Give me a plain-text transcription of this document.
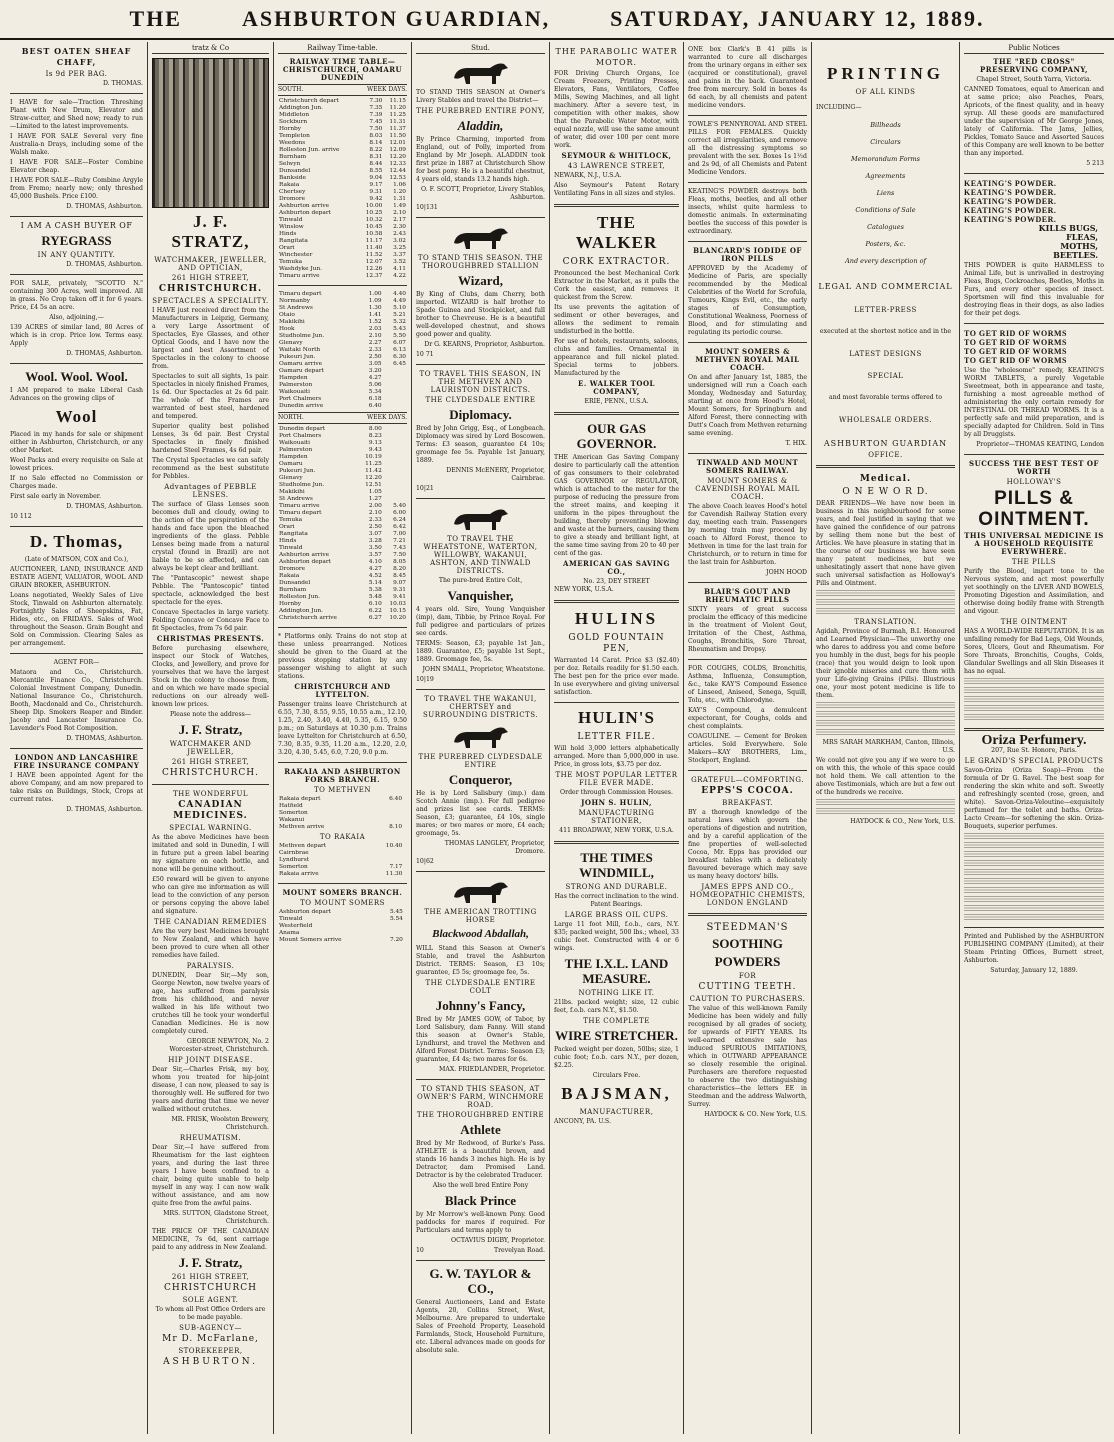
THE	ASHBURTON GUARDIAN,	SATURDAY, JANUARY 12, 1889.
BEST OATEN SHEAF CHAFF,
Is 9d PER BAG.
D. THOMAS.
I HAVE for sale—Traction Threshing Plant with New Drum, Elevator and Straw-cutter, and Shed now; ready to run—Limited to the latest improvements.
I HAVE FOR SALE Several very fine Australia-n Drays, including some of the Walsh make.
I HAVE FOR SALE—Foster Combine Elevator cheap.
I HAVE FOR SALE—Ruby Combine Argyle from Fremo; nearly new; only threshed 45,000 Bushels. Price £100.
D. THOMAS, Ashburton.
I AM A CASH BUYER OF
RYEGRASS
IN ANY QUANTITY.
D. THOMAS, Ashburton.
FOR SALE, privately, "SCOTTO N." containing 300 Acres, well improved. All in grass. No Crop taken off it for 6 years. Price, £4 5s an acre.
Also, adjoining,—
139 ACRES of similar land, 80 Acres of which is in crop. Price low. Terms easy. Apply
D. THOMAS, Ashburton.
Wool. Wool. Wool.
I AM prepared to make Liberal Cash Advances on the growing clips of
Wool
Placed in my hands for sale or shipment either in Ashburton, Christchurch, or any other Market.
Wool Packs and every requisite on Sale at lowest prices.
If no Sale effected no Commission or Charges made.
First sale early in November.
D. THOMAS, Ashburton.
10 112
D. Thomas,
(Late of MATSON, COX and Co.),
AUCTIONEER, LAND, INSURANCE AND ESTATE AGENT, VALUATOR, WOOL AND GRAIN BROKER, ASHBURTON.
Loans negotiated, Weekly Sales of Live Stock, Tinwald on Ashburton alternately. Fortnightly Sales of Sheepskins, Fat, Hides, etc., on FRIDAYS. Sales of Wool throughout the Season. Grain Bought and Sold on Commission. Clearing Sales as per arrangement.
AGENT FOR—
Mataora and Co., Christchurch. Mercantile Finance Co., Christchurch. Colonial Investment Company, Dunedin. National Insurance Co., Christchurch. Booth, Macdonald and Co., Christchurch. Sheep Dip. Smokers Reaper and Binder. Jacoby and Lancaster Insurance Co. Lavender's Food Rot Composition.
D. THOMAS, Ashburton.
LONDON AND LANCASHIRE FIRE INSURANCE COMPANY
I HAVE been appointed Agent for the above Company, and am now prepared to take risks on Buildings, Stock, Crops at current rates.
D. THOMAS, Ashburton.
tratz & Co
J. F. STRATZ,
WATCHMAKER, JEWELLER, AND OPTICIAN,
261 HIGH STREET,
CHRISTCHURCH.
SPECTACLES A SPECIALITY.
I HAVE just received direct from the Manufacturers in Leipzig, Germany, a very Large Assortment of Spectacles, Eye Glasses, and other Optical Goods, and I have now the largest and best Assortment of Spectacles in the colony to choose from.
Spectacles to suit all sights, 1s pair. Spectacles in nicely finished Frames, 1s 6d. Our Spectacles at 2s 6d pair. The whole of the Frames are warranted of best steel, hardened and tempered.
Superior quality best polished Lenses, 3s 6d pair. Best Crystal Spectacles in finely finished hardened Steel Frames, 4s 6d pair.
The Crystal Spectacles we can safely recommend as the best substitute for Pebbles.
Advantages of PEBBLE LENSES.
The surface of Glass Lenses soon becomes dull and cloudy, owing to the action of the perspiration of the hands and face upon the bleached ingredients of the glass. Pebble Lenses being made from a natural crystal (found in Brazil) are not liable to be so affected, and can always be kept clear and brilliant.
The "Pantascopic" newest shape Pebble. The "Pantoscopic" tinted spectacle, acknowledged the best spectacle for the eyes.
Concave Spectacles in large variety. Folding Concave or Concave Face to fit Spectacles, from 7s 6d pair.
CHRISTMAS PRESENTS.
Before purchasing elsewhere, inspect our Stock of Watches, Clocks, and Jewellery, and prove for yourselves that we have the largest Stock in the colony to choose from, and on which we have made special reductions on our already well-known low prices.
Please note the address—
J. F. Stratz,
WATCHMAKER AND JEWELLER,
261 HIGH STREET,
CHRISTCHURCH.
THE WONDERFUL
CANADIAN MEDICINES.
SPECIAL WARNING.
As the above Medicines have been imitated and sold in Dunedin, I will in future put a green label bearing my signature on each bottle, and none will be genuine without.
£50 reward will be given to anyone who can give me information as will lead to the conviction of any person or persons copying the above label and signature.
THE CANADIAN REMEDIES
Are the very best Medicines brought to New Zealand, and which have been proved to cure when all other remedies have failed.
PARALYSIS.
DUNEDIN, Dear Sir,—My son, George Newton, now twelve years of age, has suffered from paralysis from his childhood, and never walked in his life without two crutches till he took your wonderful Canadian Medicines. He is now completely cured.
GEORGE NEWTON, No. 2 Worcester-street, Christchurch.
HIP JOINT DISEASE.
Dear Sir,—Charles Frisk, my boy, whom you treated for hip-joint disease, I can now, pleased to say is thoroughly well. He suffered for two years and during that time we never walked without crutches.
MR. FRISK, Woolston Brewery, Christchurch.
RHEUMATISM.
Dear Sir,—I have suffered from Rheumatism for the last eighteen years, and during the last three years I have been confined to a chair, being quite unable to help myself in any way. I can now walk without assistance, and am now quite free from the awful pains.
MRS. SUTTON, Gladstone Street, Christchurch.
THE PRICE OF THE CANADIAN MEDICINE, 7s 6d, sent carriage paid to any address in New Zealand.
J. F. Stratz,
261 HIGH STREET,
CHRISTCHURCH
SOLE AGENT.
To whom all Post Office Orders are to be made payable.
SUB-AGENCY—
Mr D. McFarlane,
STOREKEEPER,
ASHBURTON.
Railway Time-table.
RAILWAY TIME TABLE—CHRISTCHURCH, OAMARU DUNEDIN
SOUTH.	WEEK DAYS.
Christchurch depart		7.30	11.15
Addington Jun.		7.35	11.20
Middleton		7.39	11.25
Sockburn		7.45	11.31
Hornby		7.50	11.37
Templeton		8.03	11.50
Weedons		8.14	12.01
Rolleston Jun. arrive		8.22	12.09
Burnham		8.31	12.20
Selwyn		8.44	12.33
Dunsandel		8.55	12.44
Bankside		9.04	12.53
Rakaia		9.17	1.06
Chertsey		9.31	1.20
Dromore		9.42	1.31
Ashburton arrive		10.00	1.49
Ashburton depart		10.25	2.10
Tinwald		10.32	2.17
Winslow		10.45	2.30
Hinds		10.58	2.43
Rangitata		11.17	3.02
Orari		11.40	3.25
Winchester		11.52	3.37
Temuka		12.07	3.52
Washdyke Jun.		12.26	4.11
Timaru arrive		12.37	4.22
Timaru depart		1.00	4.40
Normanby		1.09	4.49
St Andrews		1.30	5.10
Otaio		1.41	5.21
Makikihi		1.52	5.32
Hook		2.03	5.43
Studholme Jun.		2.10	5.50
Glenavy		2.27	6.07
Waitaki North		2.33	6.13
Pukeuri Jun.		2.50	6.30
Oamaru arrive		3.05	6.45
Oamaru depart		3.20	
Hampden		4.27	
Palmerston		5.06	
Waikouaiti		5.34	
Port Chalmers		6.18	
Dunedin arrive		6.40	
NORTH.	WEEK DAYS.
Dunedin depart		8.00	
Port Chalmers		8.23	
Waikouaiti		9.13	
Palmerston		9.43	
Hampden		10.19	
Oamaru		11.25	
Pukeuri Jun.		11.42	
Glenavy		12.20	
Studholme Jun.		12.51	
Makikihi		1.05	
St Andrews		1.27	
Timaru arrive		2.00	5.40
Timaru depart		2.10	6.00
Temuka		2.33	6.24
Orari		2.50	6.42
Rangitata		3.07	7.00
Hinds		3.28	7.21
Tinwald		3.50	7.43
Ashburton arrive		3.57	7.50
Ashburton depart		4.10	8.05
Dromore		4.27	8.20
Rakaia		4.52	8.45
Dunsandel		5.14	9.07
Burnham		5.38	9.31
Rolleston Jun.		5.48	9.41
Hornby		6.10	10.03
Addington Jun.		6.22	10.15
Christchurch arrive		6.27	10.20
* Platforms only. Trains do not stop at these unless prearranged. Notices should be given to the Guard at the previous stopping station by any passenger wishing to alight at such stations.
CHRISTCHURCH AND LYTTELTON.
Passenger trains leave Christchurch at 6.55, 7.30, 8.55, 9.55, 10.55 a.m., 12.10, 1.25, 2.40, 3.40, 4.40, 5.35, 6.15, 9.50 p.m.; on Saturdays at 10.30 p.m. Trains leave Lyttelton for Christchurch at 6.50, 7.30, 8.35, 9.35, 11.20 a.m., 12.20, 2.0, 3.20, 4.30, 5.45, 6.0, 7.20, 9.0 p.m.
RAKAIA AND ASHBURTON FORKS BRANCH.
TO METHVEN
Rakaia depart		6.40	
Hatfield			
Somerton			
Wakanui			
Methven arrive		8.10	
TO RAKAIA
Methven depart		10.40	
Cairnbrae			
Lyndhurst			
Somerton		7.17	
Rakaia arrive		11.30	
MOUNT SOMERS BRANCH.
TO MOUNT SOMERS
Ashburton depart		5.45	
Tinwald		5.54	
Westerfield			
Anama			
Mount Somers arrive		7.20	
Stud.
TO STAND THIS SEASON at Owner's Livery Stables and travel the District—
THE PUREBRED ENTIRE PONY,
Aladdin,
By Prince Charming, imported from England, out of Polly, imported from England by Mr Joseph. ALADDIN took first prize in 1887 at Christchurch Show for best pony. He is a beautiful chestnut, 4 years old, stands 13.2 hands high.
O. F. SCOTT, Proprietor, Livery Stables, Ashburton.
10|131
TO STAND THIS SEASON. THE THOROUGHBRED STALLION
Wizard,
By King of Clubs, dam Cherry, both imported. WIZARD is half brother to Spade Guinea and Stockpicket, and full brother to Chevreuse. He is a beautiful well-developed chestnut, and shows good power and quality.
Dr G. KEARNS, Proprietor, Ashburton.
10 71
TO TRAVEL THIS SEASON, IN THE METHVEN AND LAURISTON DISTRICTS.
THE CLYDESDALE ENTIRE
Diplomacy.
Bred by John Grigg, Esq., of Longbeach. Diplomacy was sired by Lord Boscowen. Terms: £3 season, guarantee £4 10s; groomage fee 5s. Payable 1st January, 1889.
DENNIS McENERY, Proprietor, Cairnbrae.
10|21
TO TRAVEL THE WHEATSTONE, WATERTON, WILLOWBY, WAKANUI, ASHTON, AND TINWALD DISTRICTS.
The pure-bred Entire Colt,
Vanquisher,
4 years old. Sire, Young Vanquisher (imp), dam, Tibbie, by Prince Royal. For full pedigree and particulars of prizes see cards.
TERMS: Season, £3; payable 1st Jan., 1889. Guarantee, £5; payable 1st Sept., 1889. Groomage fee, 5s.
JOHN SMALL, Proprietor, Wheatstone.
10|19
TO TRAVEL THE WAKANUI, CHERTSEY and SURROUNDING DISTRICTS.
THE PUREBRED CLYDESDALE ENTIRE
Conqueror,
He is by Lord Salisbury (imp.) dam Scotch Annie (imp.). For full pedigree and prizes list see cards. TERMS: Season, £3; guarantee, £4 10s, single mares; or two mares or more, £4 each; groomage, 5s.
THOMAS LANGLEY, Proprietor, Dromore.
10|62
THE AMERICAN TROTTING HORSE
Blackwood Abdallah,
WILL Stand this Season at Owner's Stable, and travel the Ashburton District. TERMS: Season, £3 10s; guarantee, £5 5s; groomage fee, 5s.
THE CLYDESDALE ENTIRE COLT
Johnny's Fancy,
Bred by Mr JAMES GOW, of Tabor, by Lord Salisbury, dam Fanny. Will stand this season at Owner's Stable, Lyndhurst, and travel the Methven and Alford Forest District. Terms: Season £3; guarantee, £4 4s; two mares for 6s.
MAX. FRIEDLANDER, Proprietor.
TO STAND THIS SEASON, AT OWNER'S FARM, WINCHMORE ROAD.
THE THOROUGHBRED ENTIRE
Athlete
Bred by Mr Redwood, of Burke's Pass. ATHLETE is a beautiful brown, and stands 16 hands 3 inches high. He is by Detractor, dam Promised Land. Detractor is by the celebrated Traducer.
Also the well bred Entire Pony
Black Prince
by Mr Morrow's well-known Pony. Good paddocks for mares if required. For Particulars and terms apply to
OCTAVIUS DIGBY, Proprietor.
10	Trevelyan Road.
G. W. TAYLOR & CO.,
General Auctioneers, Land and Estate Agents, 20, Collins Street, West, Melbourne. Are prepared to undertake Sales of Freehold Property, Leasehold Farmlands, Stock, Household Furniture, etc. Liberal advances made on goods for absolute sale.
THE PARABOLIC WATER MOTOR.
FOR Driving Church Organs, Ice Cream Freezers, Printing Presses, Elevators, Fans, Ventilators, Coffee Mills, Sewing Machines, and all light machinery. After a severe test, in competition with other makes, show that the Parabolic Water Motor, with equal nozzle, will use the same amount of water, did over 100 per cent more work.
SEYMOUR & WHITLOCK,
43 LAWRENCE STREET,
NEWARK, N.J., U.S.A.
Also Seymour's Patent Rotary Ventilating Fans in all sizes and styles.
THE WALKER
CORK EXTRACTOR.
Pronounced the best Mechanical Cork Extractor in the Market, as it pulls the Cork the easiest, and removes it quickest from the Screw.
Its use prevents the agitation of sediment or other beverages, and allows the sediment to remain undisturbed in the bottle.
For use of hotels, restaurants, saloons, clubs and families. Ornamental in appearance and full nickel plated. Special terms to jobbers. Manufactured by the
E. WALKER TOOL COMPANY,
ERIE, PENN., U.S.A.
OUR GAS GOVERNOR.
THE American Gas Saving Company desire to particularly call the attention of gas consumers to their celebrated GAS GOVERNOR or REGULATOR, which is attached to the meter for the purpose of reducing the pressure from the street mains, and keeping it uniform in the pipes throughout the building, thereby preventing blowing and waste at the burners, causing them to give a steady and brilliant light, at the same time saving from 20 to 40 per cent of the gas.
AMERICAN GAS SAVING CO.,
No. 23, DEY STREET
NEW YORK, U.S.A.
HULINS
GOLD FOUNTAIN PEN,
Warranted 14 Carat. Price $3 ($2.40) per doz. Retails readily for $1.50 each. The best pen for the price ever made. In use everywhere and giving universal satisfaction.
HULIN'S
LETTER FILE.
Will hold 3,000 letters alphabetically arranged. More than 5,000,000 in use. Price, in gross lots, $3.75 per doz.
THE MOST POPULAR LETTER FILE EVER MADE.
Order through Commission Houses.
JOHN S. HULIN,
MANUFACTURING STATIONER,
411 BROADWAY, NEW YORK, U.S.A.
THE TIMES WINDMILL,
STRONG AND DURABLE.
Has the correct inclination to the wind. Patent Bearings.
LARGE BRASS OIL CUPS.
Large 11 foot Mill, f.o.b., cars, N.Y. $35; packed weight, 500 lbs.; wheel, 33 cubic feet. Constructed with 4 or 6 wings.
THE I.X.L. LAND MEASURE.
NOTHING LIKE IT.
21lbs. packed weight; size, 12 cubic feet, f.o.b. cars N.Y., $1.50.
THE COMPLETE
WIRE STRETCHER.
Packed weight per dozen, 50lbs; size, 1 cubic foot; f.o.b. cars N.Y., per dozen, $2.25.
Circulars Free.
BAJSMAN,
MANUFACTURER,
ANCONY, PA. U.S.
ONE box Clark's B 41 pills is warranted to cure all discharges from the urinary organs in either sex (acquired or constitutional), gravel and pains in the back. Guaranteed free from mercury. Sold in boxes 4s 6d each, by all chemists and patent medicine vendors.
TOWLE'S PENNYROYAL AND STEEL PILLS FOR FEMALES. Quickly correct all irregularities, and remove all the distressing symptoms so prevalent with the sex. Boxes 1s 1½d and 2s 9d, of all Chemists and Patent Medicine Vendors.
KEATING'S POWDER destroys both Fleas, moths, beetles, and all other insects, whilst quite harmless to domestic animals. In exterminating beetles the success of this powder is extraordinary.
BLANCARD'S IODIDE OF IRON PILLS
APPROVED by the Academy of Medicine of Paris, are specially recommended by the Medical Celebrities of the World for Scrofula, Tumours, Kings Evil, etc., the early stages of Consumption, Constitutional Weakness, Poorness of Blood, and for stimulating and regulating its periodic course.
MOUNT SOMERS & METHVEN ROYAL MAIL COACH.
On and after January 1st, 1885, the undersigned will run a Coach each Monday, Wednesday and Saturday, starting at once from Hood's Hotel, Mount Somers, for Springburn and Alford Forest, there connecting with Dutt's Coach from Methven returning same evening.
T. HIX.
TINWALD AND MOUNT SOMERS RAILWAY.
MOUNT SOMERS & CAVENDISH ROYAL MAIL COACH.
The above Coach leaves Hood's hotel for Cavendish Railway Station every day, meeting each train. Passengers by morning train may proceed by coach to Alford Forest, thence to Methven in time for the last train for Christchurch, or to return in time for the last train for Ashburton.
JOHN HOOD
BLAIR'S GOUT AND RHEUMATIC PILLS
SIXTY years of great success proclaim the efficacy of this medicine in the treatment of Violent Gout, Irritation of the Chest, Asthma, Coughs, Bronchitis, Sore Throat, Rheumatism and Dropsy.
FOR COUGHS, COLDS, Bronchitis, Asthma, Influenza, Consumption, &c., take KAY'S Compound Essence of Linseed, Aniseed, Senega, Squill, Tolu, etc., with Chlorodyne.
KAY'S Compound, a demulcent expectorant, for Coughs, colds and chest complaints.
COAGULINE. — Cement for Broken articles. Sold Everywhere. Sole Makers—KAY BROTHERS, Lim., Stockport, England.
GRATEFUL—COMFORTING.
EPPS'S COCOA.
BREAKFAST.
BY a thorough knowledge of the natural laws which govern the operations of digestion and nutrition, and by a careful application of the fine properties of well-selected Cocoa, Mr. Epps has provided our breakfast tables with a delicately flavoured beverage which may save us many heavy doctors' bills.
JAMES EPPS AND CO., HOMŒOPATHIC CHEMISTS, LONDON ENGLAND
STEEDMAN'S
SOOTHING
POWDERS
FOR
CUTTING TEETH.
CAUTION TO PURCHASERS.
The value of this well-known Family Medicine has been widely and fully recognised by all grades of society, for upwards of FIFTY YEARS. Its well-earned extensive sale has induced SPURIOUS IMITATIONS, which in OUTWARD APPEARANCE so closely resemble the original. Purchasers are therefore requested to observe the two distinguishing characteristics—the letters EE in Steedman and the address Walworth, Surrey.
HAYDOCK & CO. New York, U.S.
PRINTING
OF ALL KINDS
INCLUDING—
Billheads
Circulars
Memorandum Forms
Agreements
Liens
Conditions of Sale
Catalogues
Posters, &c.
And every description of
LEGAL AND COMMERCIAL
LETTER-PRESS
executed at the shortest notice and in the
LATEST DESIGNS
SPECIAL
and most favorable terms offered to
WHOLESALE ORDERS.
ASHBURTON GUARDIAN
OFFICE.
Medical.
O N E W O R D.
DEAR FRIENDS—We have now been in business in this neighbourhood for some years, and feel justified in saying that we have gained the confidence of our patrons by selling them none but the best of Articles. We have pleasure in stating that in the course of our business we have seen many patent medicines, but we unhesitatingly assert that none have given such universal satisfaction as Holloway's Pills and Ointment.
TRANSLATION.
Agidah, Province of Burmah, B.I. Honoured and Learned Physician—The unworthy one who dares to address you and come before you humbly in the dust, begs for his people (race) that you would deign to look upon their ignoble miseries and cure them with your Life-giving Grains (Pills). Illustrious one, your most potent medicine is life to them.
MRS SARAH MARKHAM, Canton, Illinois, U.S.
We could not give you any if we were to go on with this, the whole of this space could not hold them. We call attention to the above Testimonials, which are but a few out of the hundreds we receive.
HAYDOCK & CO., New York, U.S.
Public Notices
THE "RED CROSS" PRESERVING COMPANY,
Chapel Street, South Yarra, Victoria.
CANNED Tomatoes, equal to American and at same price; also Peaches, Pears, Apricots, of the finest quality, and in heavy syrup. All these goods are manufactured under the supervision of Mr George Jones, lately of California. The Jams, Jellies, Pickles, Tomato Sauce and Assorted Sauces of this Company are well known to be better than any imported.
5 213
KEATING'S POWDER.
KEATING'S POWDER.
KEATING'S POWDER.
KEATING'S POWDER.
KEATING'S POWDER.
KILLS BUGS,
FLEAS,
MOTHS,
BEETLES.
THIS POWDER is quite HARMLESS to Animal Life, but is unrivalled in destroying Fleas, Bugs, Cockroaches, Beetles, Moths in Furs, and every other species of insect. Sportsmen will find this invaluable for destroying fleas in their dogs, as also ladies for their pet dogs.
TO GET RID OF WORMS
TO GET RID OF WORMS
TO GET RID OF WORMS
TO GET RID OF WORMS
Use the "wholesome" remedy, KEATING'S WORM TABLETS, a purely Vegetable Sweetmeat, both in appearance and taste, furnishing a most agreeable method of administering the only certain remedy for INTESTINAL OR THREAD WORMS. It is a perfectly safe and mild preparation, and is specially adapted for Children. Sold in Tins by all Druggists.
Proprietor—THOMAS KEATING, London
SUCCESS THE BEST TEST OF WORTH
HOLLOWAY'S
PILLS & OINTMENT.
THIS UNIVERSAL MEDICINE IS A HOUSEHOLD REQUISITE EVERYWHERE.
THE PILLS
Purify the Blood, impart tone to the Nervous system, and act most powerfully yet soothingly on the LIVER AND BOWELS, Promoting Digestion and Assimilation, and otherwise doing bodily frame with Strength and vigour.
THE OINTMENT
HAS A WORLD-WIDE REPUTATION. It is an unfailing remedy for Bad Legs, Old Wounds, Sores, Ulcers, Gout and Rheumatism. For Sore Throats, Bronchitis, Coughs, Colds, Glandular Swellings and all Skin Diseases it has no equal.
Oriza Perfumery.
207, Rue St. Honore, Paris.
LE GRAND'S SPECIAL PRODUCTS
Savon-Oriza (Oriza Soap)—From the formula of Dr G. Ravel. The best soap for rendering the skin white and soft. Sweetly and refreshingly scented (rose, green, and white). Savon-Oriza-Veloutine—exquisitely perfumed for the toilet and baths. Oriza-Lacto Cream—for softening the skin. Oriza-Bouquets, superior perfumes.
Printed and Published by the ASHBURTON PUBLISHING COMPANY (Limited), at their Steam Printing Offices, Burnett street, Ashburton.
Saturday, January 12, 1889.
